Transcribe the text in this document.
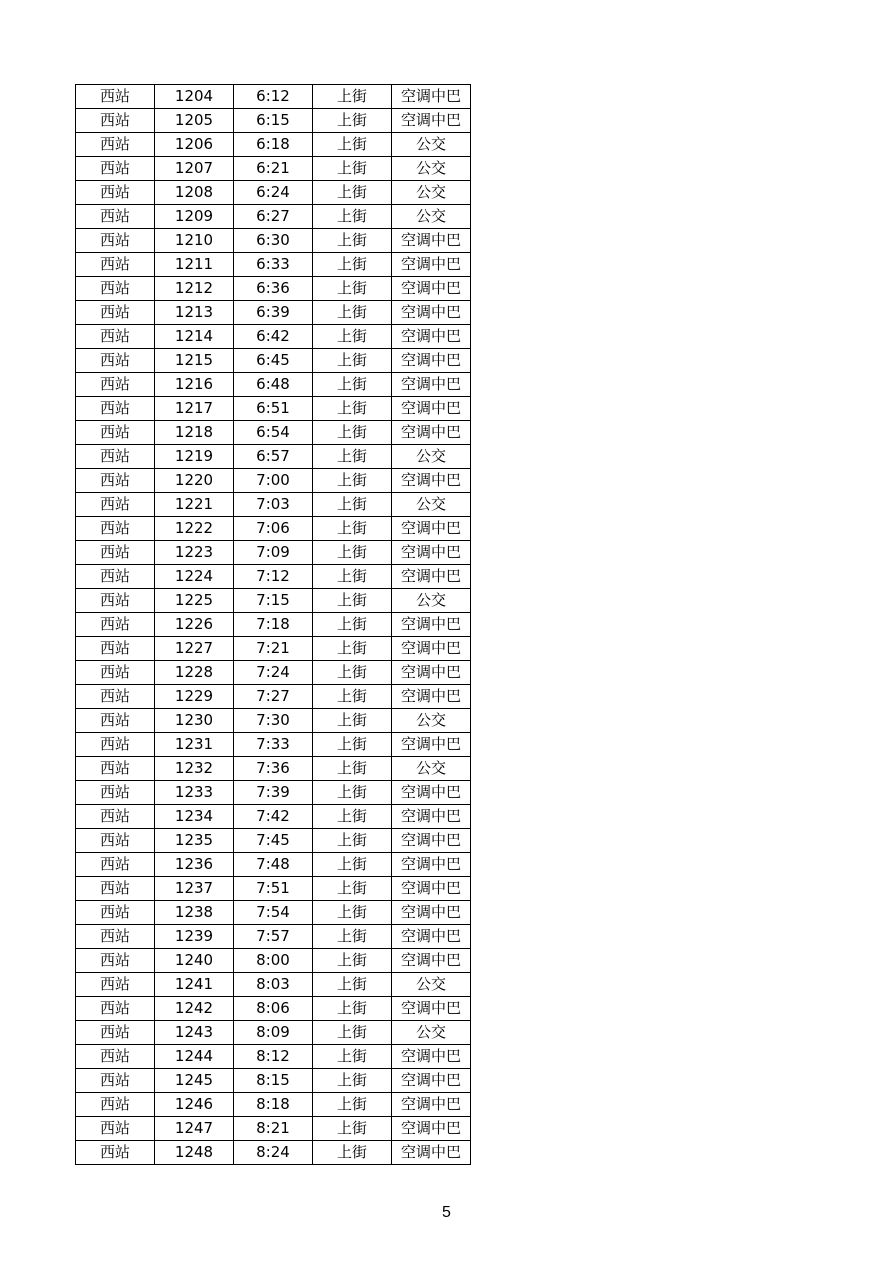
西站	1204	6:12	上街	空调中巴
西站	1205	6:15	上街	空调中巴
西站	1206	6:18	上街	公交
西站	1207	6:21	上街	公交
西站	1208	6:24	上街	公交
西站	1209	6:27	上街	公交
西站	1210	6:30	上街	空调中巴
西站	1211	6:33	上街	空调中巴
西站	1212	6:36	上街	空调中巴
西站	1213	6:39	上街	空调中巴
西站	1214	6:42	上街	空调中巴
西站	1215	6:45	上街	空调中巴
西站	1216	6:48	上街	空调中巴
西站	1217	6:51	上街	空调中巴
西站	1218	6:54	上街	空调中巴
西站	1219	6:57	上街	公交
西站	1220	7:00	上街	空调中巴
西站	1221	7:03	上街	公交
西站	1222	7:06	上街	空调中巴
西站	1223	7:09	上街	空调中巴
西站	1224	7:12	上街	空调中巴
西站	1225	7:15	上街	公交
西站	1226	7:18	上街	空调中巴
西站	1227	7:21	上街	空调中巴
西站	1228	7:24	上街	空调中巴
西站	1229	7:27	上街	空调中巴
西站	1230	7:30	上街	公交
西站	1231	7:33	上街	空调中巴
西站	1232	7:36	上街	公交
西站	1233	7:39	上街	空调中巴
西站	1234	7:42	上街	空调中巴
西站	1235	7:45	上街	空调中巴
西站	1236	7:48	上街	空调中巴
西站	1237	7:51	上街	空调中巴
西站	1238	7:54	上街	空调中巴
西站	1239	7:57	上街	空调中巴
西站	1240	8:00	上街	空调中巴
西站	1241	8:03	上街	公交
西站	1242	8:06	上街	空调中巴
西站	1243	8:09	上街	公交
西站	1244	8:12	上街	空调中巴
西站	1245	8:15	上街	空调中巴
西站	1246	8:18	上街	空调中巴
西站	1247	8:21	上街	空调中巴
西站	1248	8:24	上街	空调中巴
5
